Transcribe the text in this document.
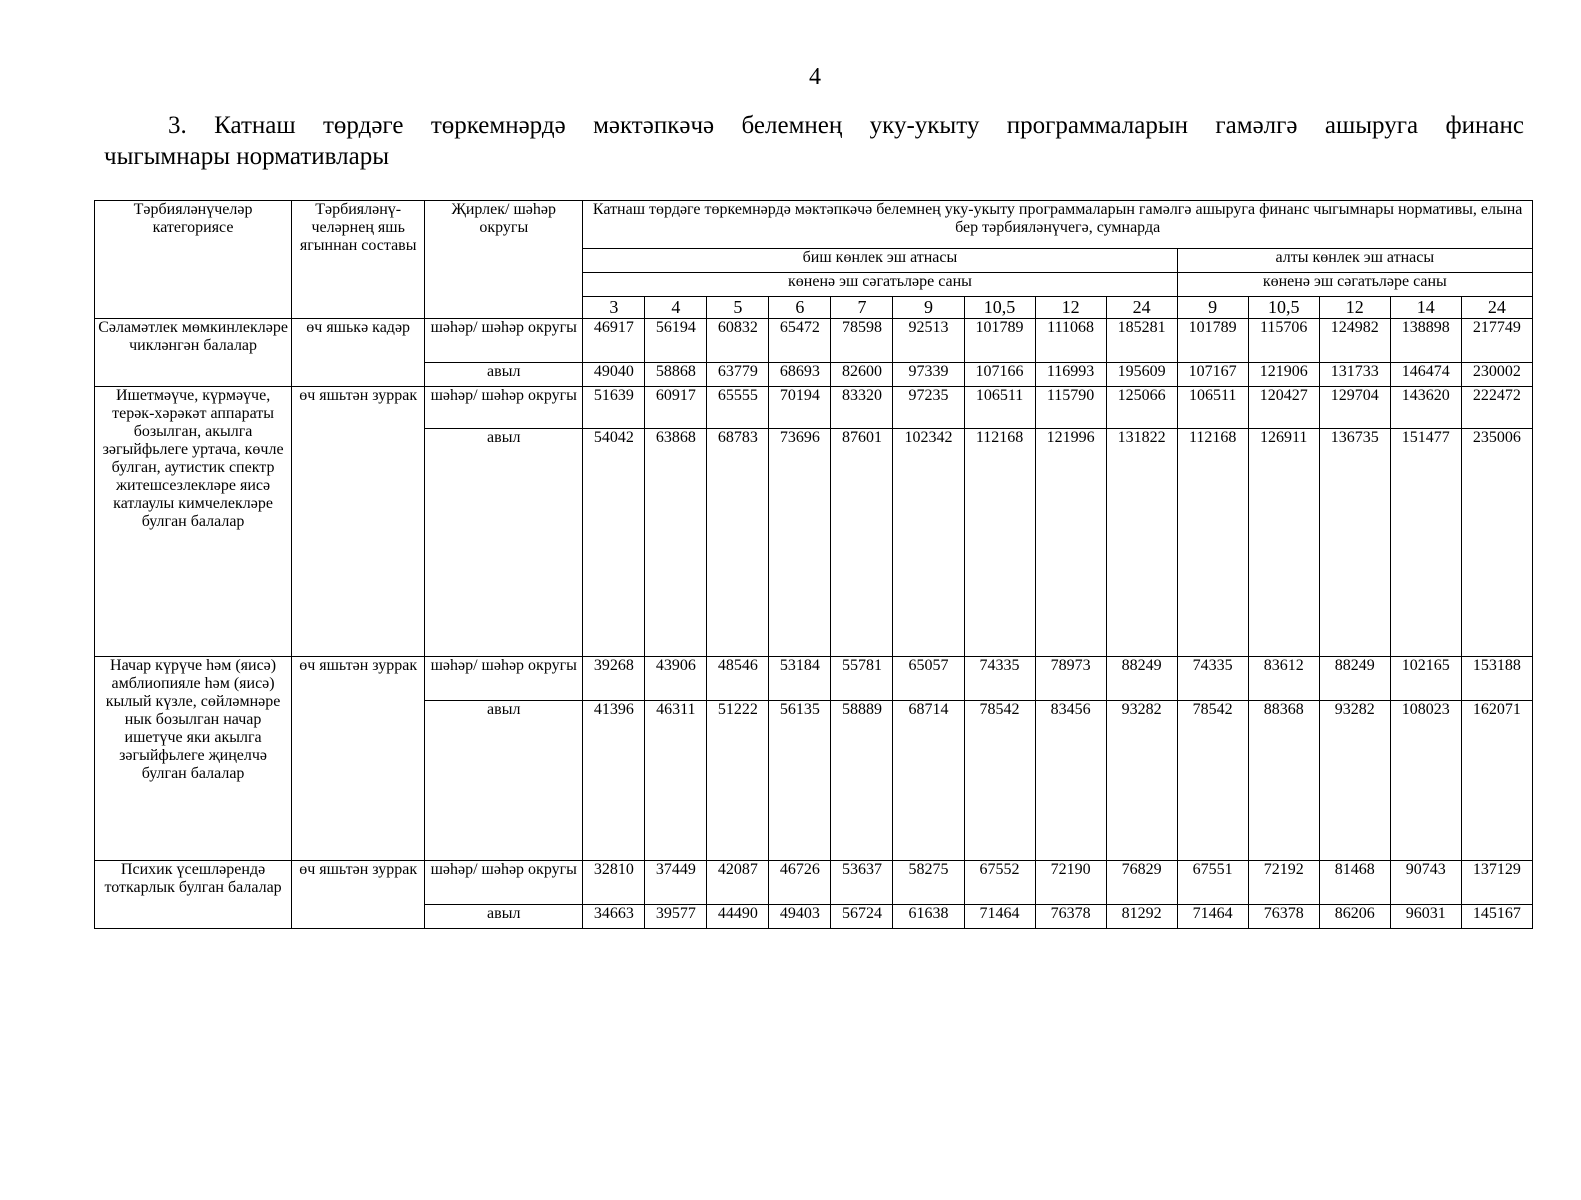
4
3. Катнаш төрдәге төркемнәрдә мәктәпкәчә белемнең уку-укыту программаларын гамәлгә ашыруга финанс
чыгымнары нормативлары
Тәрбияләнүчеләр категориясе	Тәрбияләнү-челәрнең яшь ягыннан составы	Җирлек/ шәһәр округы	Катнаш төрдәге төркемнәрдә мәктәпкәчә белемнең уку-укыту программаларын гамәлгә ашыруга финанс чыгымнары нормативы, елына бер тәрбияләнүчегә, сумнарда													
			биш көнлек эш атнасы									алты көнлек эш атнасы				
			көненә эш сәгатьләре саны									көненә эш сәгатьләре саны				
			3	4	5	6	7	9	10,5	12	24	9	10,5	12	14	24
Сәламәтлек мөмкинлекләре чикләнгән балалар	өч яшькә кадәр	шәһәр/ шәһәр округы	46917	56194	60832	65472	78598	92513	101789	111068	185281	101789	115706	124982	138898	217749
		авыл	49040	58868	63779	68693	82600	97339	107166	116993	195609	107167	121906	131733	146474	230002
Ишетмәүче, күрмәүче, терәк-хәрәкәт аппараты бозылган, акылга зәгыйфьлеге уртача, көчле булган, аутистик спектр житешсезлекләре яисә катлаулы кимчелекләре булган балалар	өч яшьтән зуррак	шәһәр/ шәһәр округы	51639	60917	65555	70194	83320	97235	106511	115790	125066	106511	120427	129704	143620	222472
		авыл	54042	63868	68783	73696	87601	102342	112168	121996	131822	112168	126911	136735	151477	235006
Начар күрүче һәм (яисә) амблиопияле һәм (яисә) кылый күзле, сөйләмнәре нык бозылган начар ишетүче яки акылга зәгыйфьлеге җиңелчә булган балалар	өч яшьтән зуррак	шәһәр/ шәһәр округы	39268	43906	48546	53184	55781	65057	74335	78973	88249	74335	83612	88249	102165	153188
		авыл	41396	46311	51222	56135	58889	68714	78542	83456	93282	78542	88368	93282	108023	162071
Психик үсешләрендә тоткарлык булган балалар	өч яшьтән зуррак	шәһәр/ шәһәр округы	32810	37449	42087	46726	53637	58275	67552	72190	76829	67551	72192	81468	90743	137129
		авыл	34663	39577	44490	49403	56724	61638	71464	76378	81292	71464	76378	86206	96031	145167
